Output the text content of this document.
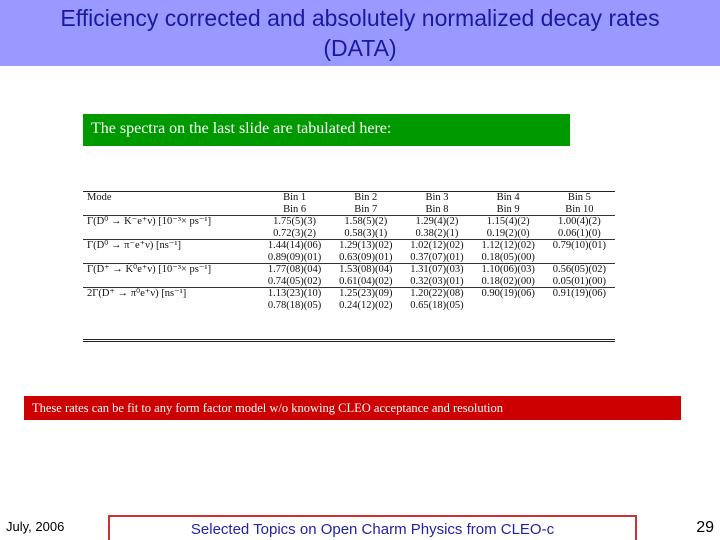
Efficiency corrected and absolutely normalized decay rates
(DATA)
The spectra on the last slide are tabulated here:
Mode	Bin 1	Bin 2	Bin 3	Bin 4	Bin 5
	Bin 6	Bin 7	Bin 8	Bin 9	Bin 10
Γ(D⁰ → K⁻e⁺ν) [10⁻³× ps⁻¹]	1.75(5)(3)	1.58(5)(2)	1.29(4)(2)	1.15(4)(2)	1.00(4)(2)
	0.72(3)(2)	0.58(3)(1)	0.38(2)(1)	0.19(2)(0)	0.06(1)(0)
Γ(D⁰ → π⁻e⁺ν) [ns⁻¹]	1.44(14)(06)	1.29(13)(02)	1.02(12)(02)	1.12(12)(02)	0.79(10)(01)
	0.89(09)(01)	0.63(09)(01)	0.37(07)(01)	0.18(05)(00)	
Γ(D⁺ → K̄⁰e⁺ν) [10⁻³× ps⁻¹]	1.77(08)(04)	1.53(08)(04)	1.31(07)(03)	1.10(06)(03)	0.56(05)(02)
	0.74(05)(02)	0.61(04)(02)	0.32(03)(01)	0.18(02)(00)	0.05(01)(00)
2Γ(D⁺ → π⁰e⁺ν) [ns⁻¹]	1.13(23)(10)	1.25(23)(09)	1.20(22)(08)	0.90(19)(06)	0.91(19)(06)
	0.78(18)(05)	0.24(12)(02)	0.65(18)(05)		
These rates can be fit to any form factor model w/o knowing CLEO acceptance and resolution
July, 2006	Selected Topics on Open Charm Physics from CLEO-c	29
